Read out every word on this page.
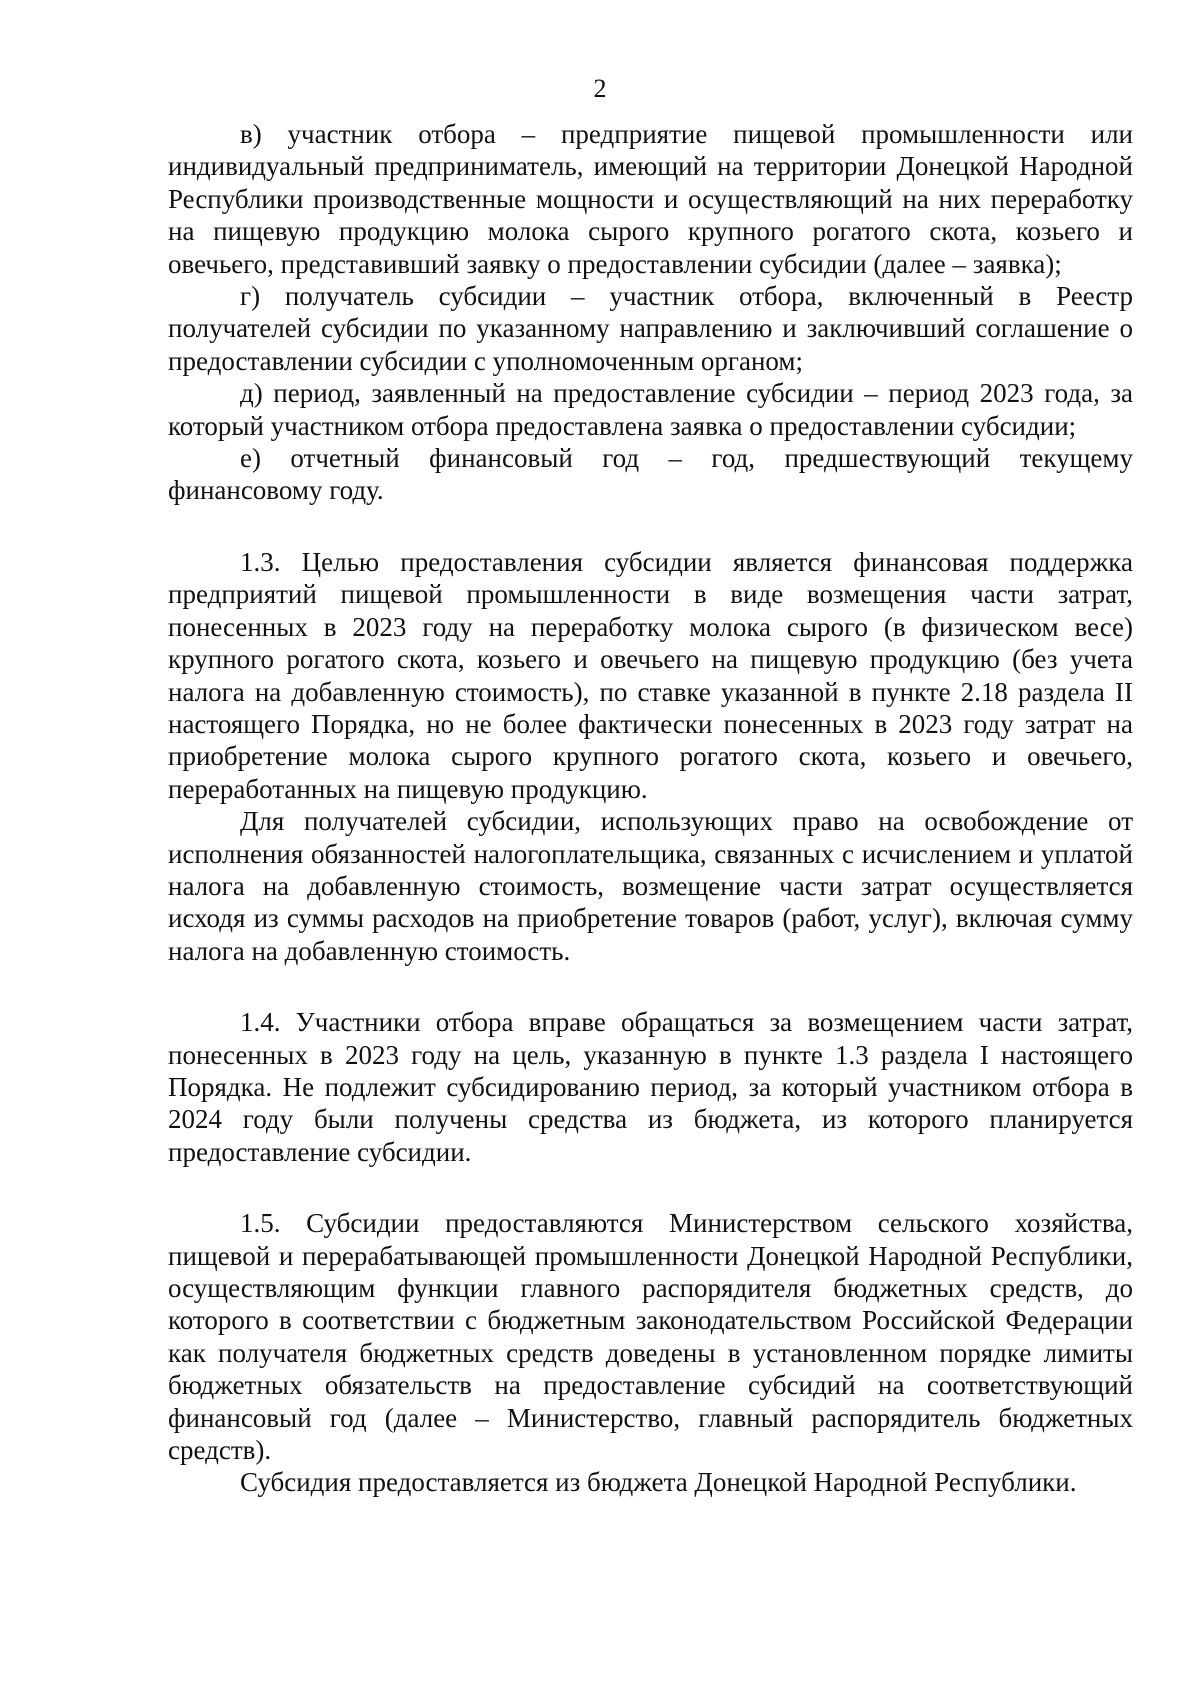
2

в) участник отбора – предприятие пищевой промышленности или индивидуальный предприниматель, имеющий на территории Донецкой Народной Республики производственные мощности и осуществляющий на них переработку на пищевую продукцию молока сырого крупного рогатого скота, козьего и овечьего, представивший заявку о предоставлении субсидии (далее – заявка);

г) получатель субсидии – участник отбора, включенный в Реестр получателей субсидии по указанному направлению и заключивший соглашение о предоставлении субсидии с уполномоченным органом;

д) период, заявленный на предоставление субсидии – период 2023 года, за который участником отбора предоставлена заявка о предоставлении субсидии;

е) отчетный финансовый год – год, предшествующий текущему финансовому году.

1.3. Целью предоставления субсидии является финансовая поддержка предприятий пищевой промышленности в виде возмещения части затрат, понесенных в 2023 году на переработку молока сырого (в физическом весе) крупного рогатого скота, козьего и овечьего на пищевую продукцию (без учета налога на добавленную стоимость), по ставке указанной в пункте 2.18 раздела II настоящего Порядка, но не более фактически понесенных в 2023 году затрат на приобретение молока сырого крупного рогатого скота, козьего и овечьего, переработанных на пищевую продукцию.

Для получателей субсидии, использующих право на освобождение от исполнения обязанностей налогоплательщика, связанных с исчислением и уплатой налога на добавленную стоимость, возмещение части затрат осуществляется исходя из суммы расходов на приобретение товаров (работ, услуг), включая сумму налога на добавленную стоимость.

1.4. Участники отбора вправе обращаться за возмещением части затрат, понесенных в 2023 году на цель, указанную в пункте 1.3 раздела I настоящего Порядка. Не подлежит субсидированию период, за который участником отбора в 2024 году были получены средства из бюджета, из которого планируется предоставление субсидии.

1.5. Субсидии предоставляются Министерством сельского хозяйства, пищевой и перерабатывающей промышленности Донецкой Народной Республики, осуществляющим функции главного распорядителя бюджетных средств, до которого в соответствии с бюджетным законодательством Российской Федерации как получателя бюджетных средств доведены в установленном порядке лимиты бюджетных обязательств на предоставление субсидий на соответствующий финансовый год (далее – Министерство, главный распорядитель бюджетных средств).

Субсидия предоставляется из бюджета Донецкой Народной Республики.
